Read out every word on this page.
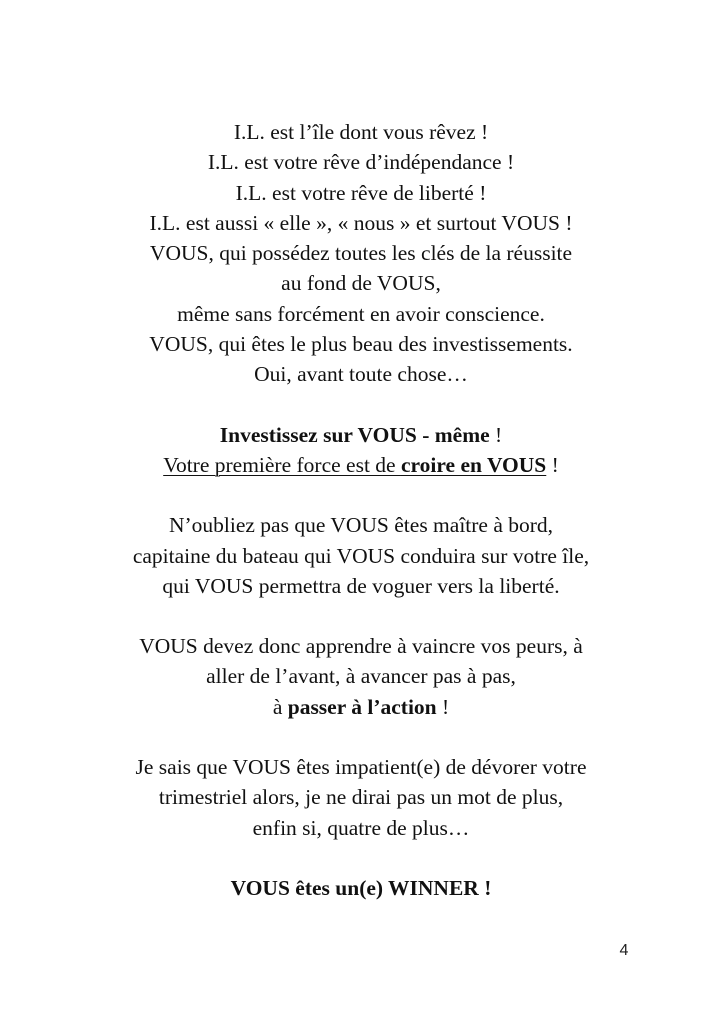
I.L. est l’île dont vous rêvez !
I.L. est votre rêve d’indépendance !
I.L. est votre rêve de liberté !
I.L. est aussi « elle », « nous » et surtout VOUS !
VOUS, qui possédez toutes les clés de la réussite
au fond de VOUS,
même sans forcément en avoir conscience.
VOUS, qui êtes le plus beau des investissements.
Oui, avant toute chose…
Investissez sur VOUS - même !
Votre première force est de croire en VOUS !
N’oubliez pas que VOUS êtes maître à bord,
capitaine du bateau qui VOUS conduira sur votre île,
qui VOUS permettra de voguer vers la liberté.
VOUS devez donc apprendre à vaincre vos peurs, à
aller de l’avant, à avancer pas à pas,
à passer à l’action !
Je sais que VOUS êtes impatient(e) de dévorer votre
trimestriel alors, je ne dirai pas un mot de plus,
enfin si, quatre de plus…
VOUS êtes un(e) WINNER !
4
